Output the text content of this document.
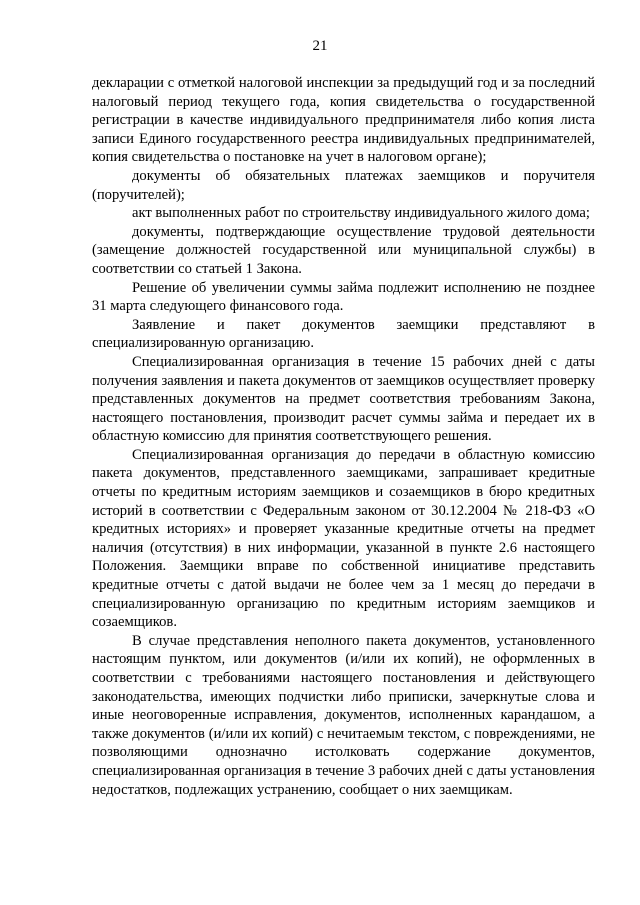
21

декларации с отметкой налоговой инспекции за предыдущий год и за последний налоговый период текущего года, копия свидетельства о государственной регистрации в качестве индивидуального предпринимателя либо копия листа записи Единого государственного реестра индивидуальных предпринимателей, копия свидетельства о постановке на учет в налоговом органе);

документы об обязательных платежах заемщиков и поручителя (поручителей);

акт выполненных работ по строительству индивидуального жилого дома;

документы, подтверждающие осуществление трудовой деятельности (замещение должностей государственной или муниципальной службы) в соответствии со статьей 1 Закона.

Решение об увеличении суммы займа подлежит исполнению не позднее 31 марта следующего финансового года.

Заявление и пакет документов заемщики представляют в специализированную организацию.

Специализированная организация в течение 15 рабочих дней с даты получения заявления и пакета документов от заемщиков осуществляет проверку представленных документов на предмет соответствия требованиям Закона, настоящего постановления, производит расчет суммы займа и передает их в областную комиссию для принятия соответствующего решения.

Специализированная организация до передачи в областную комиссию пакета документов, представленного заемщиками, запрашивает кредитные отчеты по кредитным историям заемщиков и созаемщиков в бюро кредитных историй в соответствии с Федеральным законом от 30.12.2004 № 218-ФЗ «О кредитных историях» и проверяет указанные кредитные отчеты на предмет наличия (отсутствия) в них информации, указанной в пункте 2.6 настоящего Положения. Заемщики вправе по собственной инициативе представить кредитные отчеты с датой выдачи не более чем за 1 месяц до передачи в специализированную организацию по кредитным историям заемщиков и созаемщиков.

В случае представления неполного пакета документов, установленного настоящим пунктом, или документов (и/или их копий), не оформленных в соответствии с требованиями настоящего постановления и действующего законодательства, имеющих подчистки либо приписки, зачеркнутые слова и иные неоговоренные исправления, документов, исполненных карандашом, а также документов (и/или их копий) с нечитаемым текстом, с повреждениями, не позволяющими однозначно истолковать содержание документов, специализированная организация в течение 3 рабочих дней с даты установления недостатков, подлежащих устранению, сообщает о них заемщикам.
